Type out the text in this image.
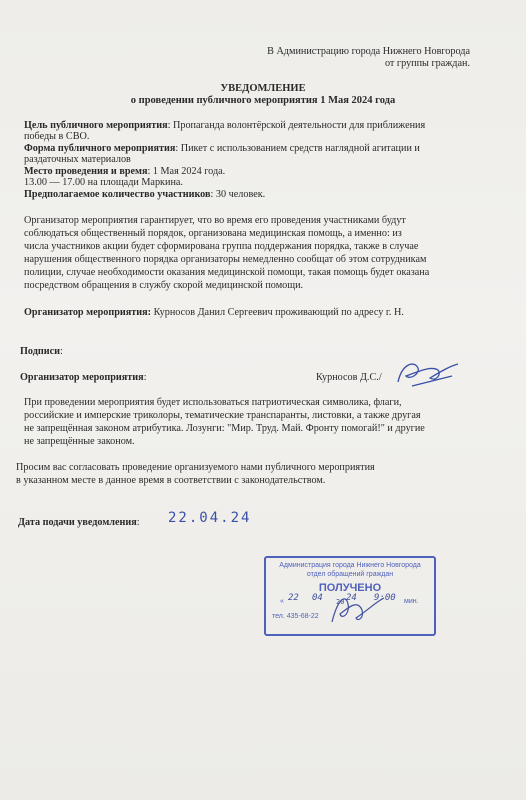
В Администрацию города Нижнего Новгорода
от группы граждан.
УВЕДОМЛЕНИЕ
о проведении публичного мероприятия 1 Мая 2024 года
Цель публичного мероприятия: Пропаганда волонтёрской деятельности для приближения
победы в СВО.
Форма публичного мероприятия: Пикет с использованием средств наглядной агитации и
раздаточных материалов
Место проведения и время: 1 Мая 2024 года.
13.00 — 17.00 на площади Маркина.
Предполагаемое количество участников: 30 человек.
Организатор мероприятия гарантирует, что во время его проведения участниками будут
соблюдаться общественный порядок, организована медицинская помощь, а именно: из
числа участников акции будет сформирована группа поддержания порядка, также в случае
нарушения общественного порядка организаторы немедленно сообщат об этом сотрудникам
полиции, случае необходимости оказания медицинской помощи, такая помощь будет оказана
посредством обращения в службу скорой медицинской помощи.
Организатор мероприятия: Курносов Данил Сергеевич проживающий по адресу г. Н.
Подписи:
Организатор мероприятия:	Курносов Д.С./
При проведении мероприятия будет использоваться патриотическая символика, флаги,
российские и имперские триколоры, тематические транспаранты, листовки, а также другая
не запрещённая законом атрибутика. Лозунги: "Мир. Труд. Май. Фронту помогай!" и другие
не запрещённые законом.
Просим вас согласовать проведение организуемого нами публичного мероприятия
в указанном месте в данное время в соответствии с законодательством.
Дата подачи уведомления: 22.04.24
Администрация города Нижнего Новгорода
отдел обращений граждан
ПОЛУЧЕНО
« 22 04 20 24 9:00 мин.
тел. 435-68-22
